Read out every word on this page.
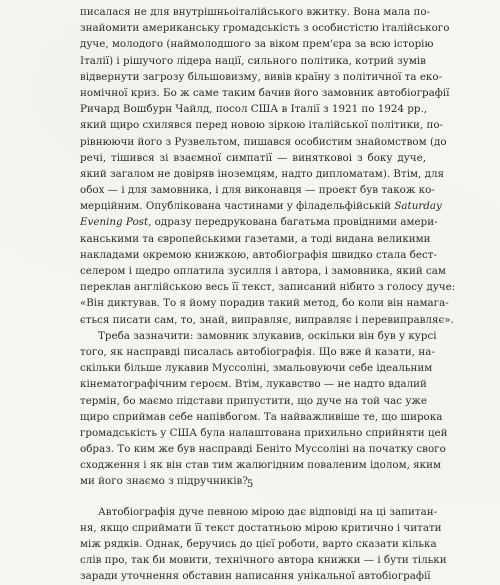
писалася не для внутрішньоіталійського вжитку. Вона мала по-
знайомити американську громадськість з особистістю італійського
дуче, молодого (наймолодшого за віком прем'єра за всю історію
Італії) і рішучого лідера нації, сильного політика, котрий зумів
відвернути загрозу більшовизму, вивів країну з політичної та еко-
номічної криз. Бо ж саме таким бачив його замовник автобіографії
Ричард Вошбурн Чайлд, посол США в Італії з 1921 по 1924 рр.,
який щиро схилявся перед новою зіркою італійської політики, по-
рівнюючи його з Рузвельтом, пишався особистим знайомством (до
речі, тішився зі взаємної симпатії — винятковоі з боку дуче,
який загалом не довіряв іноземцям, надто дипломатам). Втім, для
обох — і для замовника, і для виконавця — проект був також ко-
мерційним. Опублікована частинами у філадельфійській Saturday
Evening Post, одразу передрукована багатьма провідними амери-
канськими та європейськими газетами, а тоді видана великими
накладами окремою книжкою, автобіографія швидко стала бест-
селером і щедро оплатила зусилля і автора, і замовника, який сам
переклав англійською весь її текст, записаний нібито з голосу дуче:
«Він диктував. То я йому порадив такий метод, бо коли він намага-
ється писати сам, то, знай, виправляє, виправляє і перевиправляє».
Треба зазначити: замовник злукавив, оскільки він був у курсі
того, як насправді писалась автобіографія. Що вже й казати, на-
скільки більше лукавив Муссоліні, змальовуючи себе ідеальним
кінематографічним героєм. Втім, лукавство — не надто вдалий
термін, бо маємо підстави припустити, що дуче на той час уже
щиро сприймав себе напівбогом. Та найважливіше те, що широка
громадськість у США була налаштована прихильно сприйняти цей
образ. То ким же був насправді Беніто Муссоліні на початку свого
сходження і як він став тим жалюгідним поваленим ідолом, яким
ми його знаємо з підручників?
Автобіографія дуче певною мірою дає відповіді на ці запитан-
ня, якщо сприймати її текст достатньою мірою критично і читати
між рядків. Однак, беручись до цієї роботи, варто сказати кілька
слів про, так би мовити, технічного автора книжки — і бути тільки
заради уточнення обставин написання унікальної автобіографії
5
